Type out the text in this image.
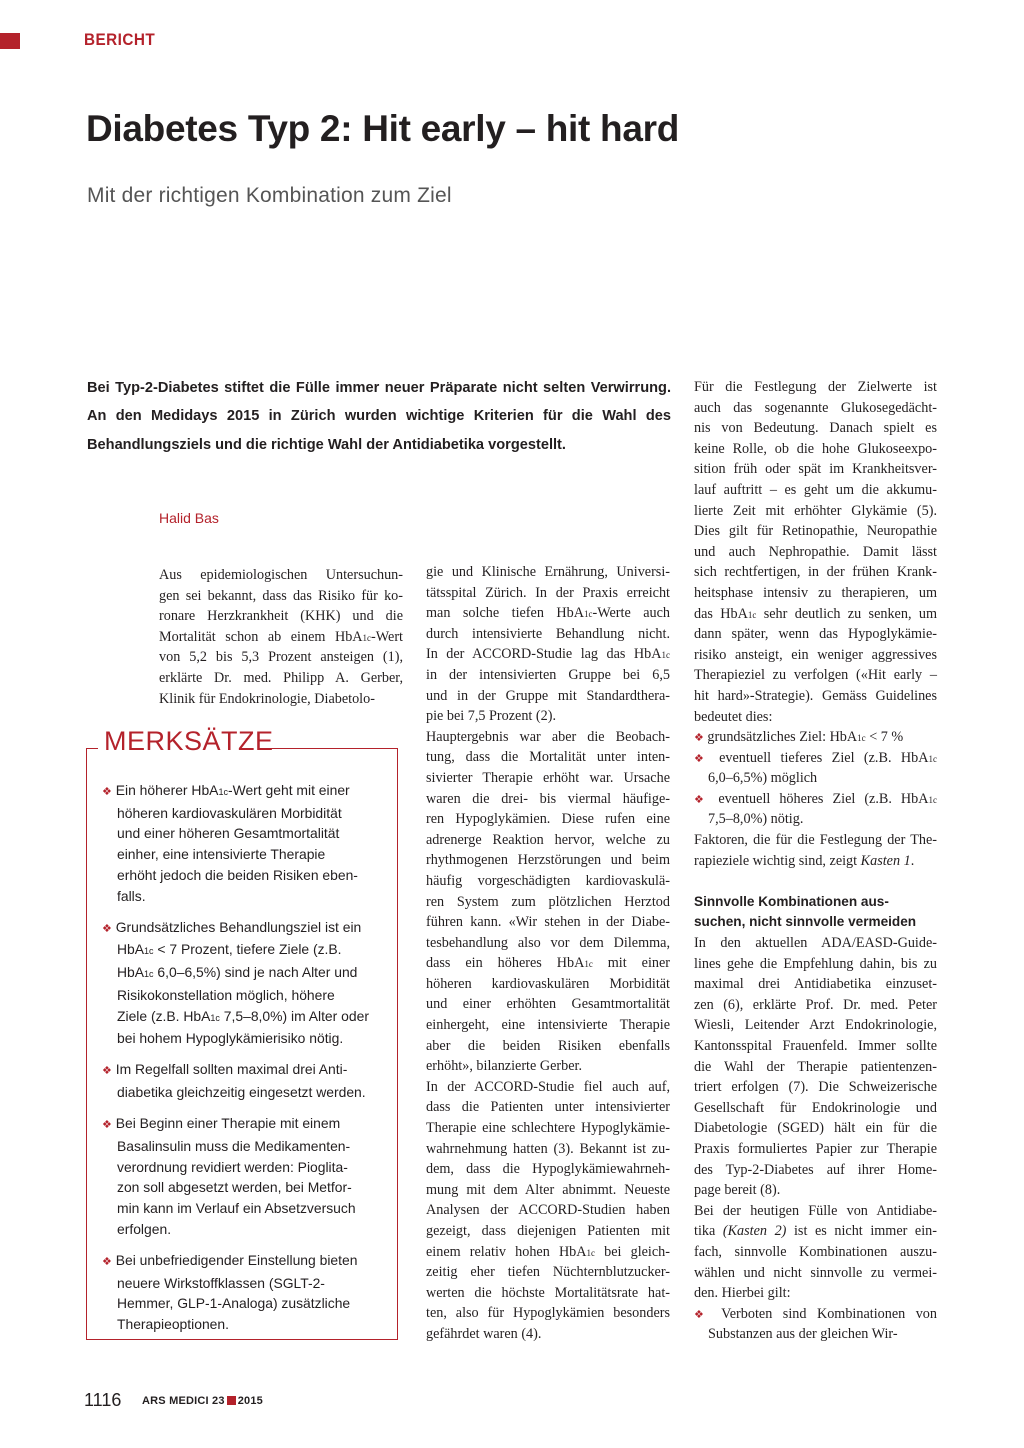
BERICHT
Diabetes Typ 2: Hit early – hit hard
Mit der richtigen Kombination zum Ziel

Bei Typ-2-Diabetes stiftet die Fülle immer neuer Präparate nicht selten Verwirrung. An den Medidays 2015 in Zürich wurden wichtige Kriterien für die Wahl des Behandlungsziels und die richtige Wahl der Antidiabetika vorgestellt.

Halid Bas
Aus epidemiologischen Untersuchun-
gen sei bekannt, dass das Risiko für ko-
ronare Herzkrankheit (KHK) und die
Mortalität schon ab einem HbA1c-Wert
von 5,2 bis 5,3 Prozent ansteigen (1),
erklärte Dr. med. Philipp A. Gerber,
Klinik für Endokrinologie, Diabetolo-
gie und Klinische Ernährung, Universi-
tätsspital Zürich. In der Praxis erreicht
man solche tiefen HbA1c-Werte auch
durch intensivierte Behandlung nicht.
In der ACCORD-Studie lag das HbA1c
in der intensivierten Gruppe bei 6,5
und in der Gruppe mit Standardthera-
pie bei 7,5 Prozent (2).
Hauptergebnis war aber die Beobach-
tung, dass die Mortalität unter inten-
sivierter Therapie erhöht war. Ursache
waren die drei- bis viermal häufige-
ren Hypoglykämien. Diese rufen eine
adrenerge Reaktion hervor, welche zu
rhythmogenen Herzstörungen und beim
häufig vorgeschädigten kardiovaskulä-
ren System zum plötzlichen Herztod
führen kann. «Wir stehen in der Diabe-
tesbehandlung also vor dem Dilemma,
dass ein höheres HbA1c mit einer
höheren kardiovaskulären Morbidität
und einer erhöhten Gesamtmortalität
einhergeht, eine intensivierte Therapie
aber die beiden Risiken ebenfalls
erhöht», bilanzierte Gerber.
In der ACCORD-Studie fiel auch auf,
dass die Patienten unter intensivierter
Therapie eine schlechtere Hypoglykämie-
wahrnehmung hatten (3). Bekannt ist zu-
dem, dass die Hypoglykämiewahrneh-
mung mit dem Alter abnimmt. Neueste
Analysen der ACCORD-Studien haben
gezeigt, dass diejenigen Patienten mit
einem relativ hohen HbA1c bei gleich-
zeitig eher tiefen Nüchternblutzucker-
werten die höchste Mortalitätsrate hat-
ten, also für Hypoglykämien besonders
gefährdet waren (4).
Für die Festlegung der Zielwerte ist
auch das sogenannte Glukosegedächt-
nis von Bedeutung. Danach spielt es
keine Rolle, ob die hohe Glukoseexpo-
sition früh oder spät im Krankheitsver-
lauf auftritt – es geht um die akkumu-
lierte Zeit mit erhöhter Glykämie (5).
Dies gilt für Retinopathie, Neuropathie
und auch Nephropathie. Damit lässt
sich rechtfertigen, in der frühen Krank-
heitsphase intensiv zu therapieren, um
das HbA1c sehr deutlich zu senken, um
dann später, wenn das Hypoglykämie-
risiko ansteigt, ein weniger aggressives
Therapieziel zu verfolgen («Hit early –
hit hard»-Strategie). Gemäss Guidelines
bedeutet dies:
❖ grundsätzliches Ziel: HbA1c < 7 %
❖ eventuell tieferes Ziel (z.B. HbA1c
6,0–6,5%) möglich
❖ eventuell höheres Ziel (z.B. HbA1c
7,5–8,0%) nötig.
Faktoren, die für die Festlegung der The-
rapieziele wichtig sind, zeigt Kasten 1.

Sinnvolle Kombinationen aus-
suchen, nicht sinnvolle vermeiden
In den aktuellen ADA/EASD-Guide-
lines gehe die Empfehlung dahin, bis zu
maximal drei Antidiabetika einzuset-
zen (6), erklärte Prof. Dr. med. Peter
Wiesli, Leitender Arzt Endokrinologie,
Kantonsspital Frauenfeld. Immer sollte
die Wahl der Therapie patientenzen-
triert erfolgen (7). Die Schweizerische
Gesellschaft für Endokrinologie und
Diabetologie (SGED) hält ein für die
Praxis formuliertes Papier zur Therapie
des Typ-2-Diabetes auf ihrer Home-
page bereit (8).
Bei der heutigen Fülle von Antidiabe-
tika (Kasten 2) ist es nicht immer ein-
fach, sinnvolle Kombinationen auszu-
wählen und nicht sinnvolle zu vermei-
den. Hierbei gilt:
❖ Verboten sind Kombinationen von
Substanzen aus der gleichen Wir-
MERKSÄTZE
❖ Ein höherer HbA1c-Wert geht mit einer
höheren kardiovaskulären Morbidität
und einer höheren Gesamtmortalität
einher, eine intensivierte Therapie
erhöht jedoch die beiden Risiken eben-
falls.
❖ Grundsätzliches Behandlungsziel ist ein
HbA1c < 7 Prozent, tiefere Ziele (z.B.
HbA1c 6,0–6,5%) sind je nach Alter und
Risikokonstellation möglich, höhere
Ziele (z.B. HbA1c 7,5–8,0%) im Alter oder
bei hohem Hypoglykämierisiko nötig.
❖ Im Regelfall sollten maximal drei Anti-
diabetika gleichzeitig eingesetzt werden.
❖ Bei Beginn einer Therapie mit einem
Basalinsulin muss die Medikamenten-
verordnung revidiert werden: Pioglita-
zon soll abgesetzt werden, bei Metfor-
min kann im Verlauf ein Absetzversuch
erfolgen.
❖ Bei unbefriedigender Einstellung bieten
neuere Wirkstoffklassen (SGLT-2-
Hemmer, GLP-1-Analoga) zusätzliche
Therapieoptionen.
1116 ARS MEDICI 23 2015
